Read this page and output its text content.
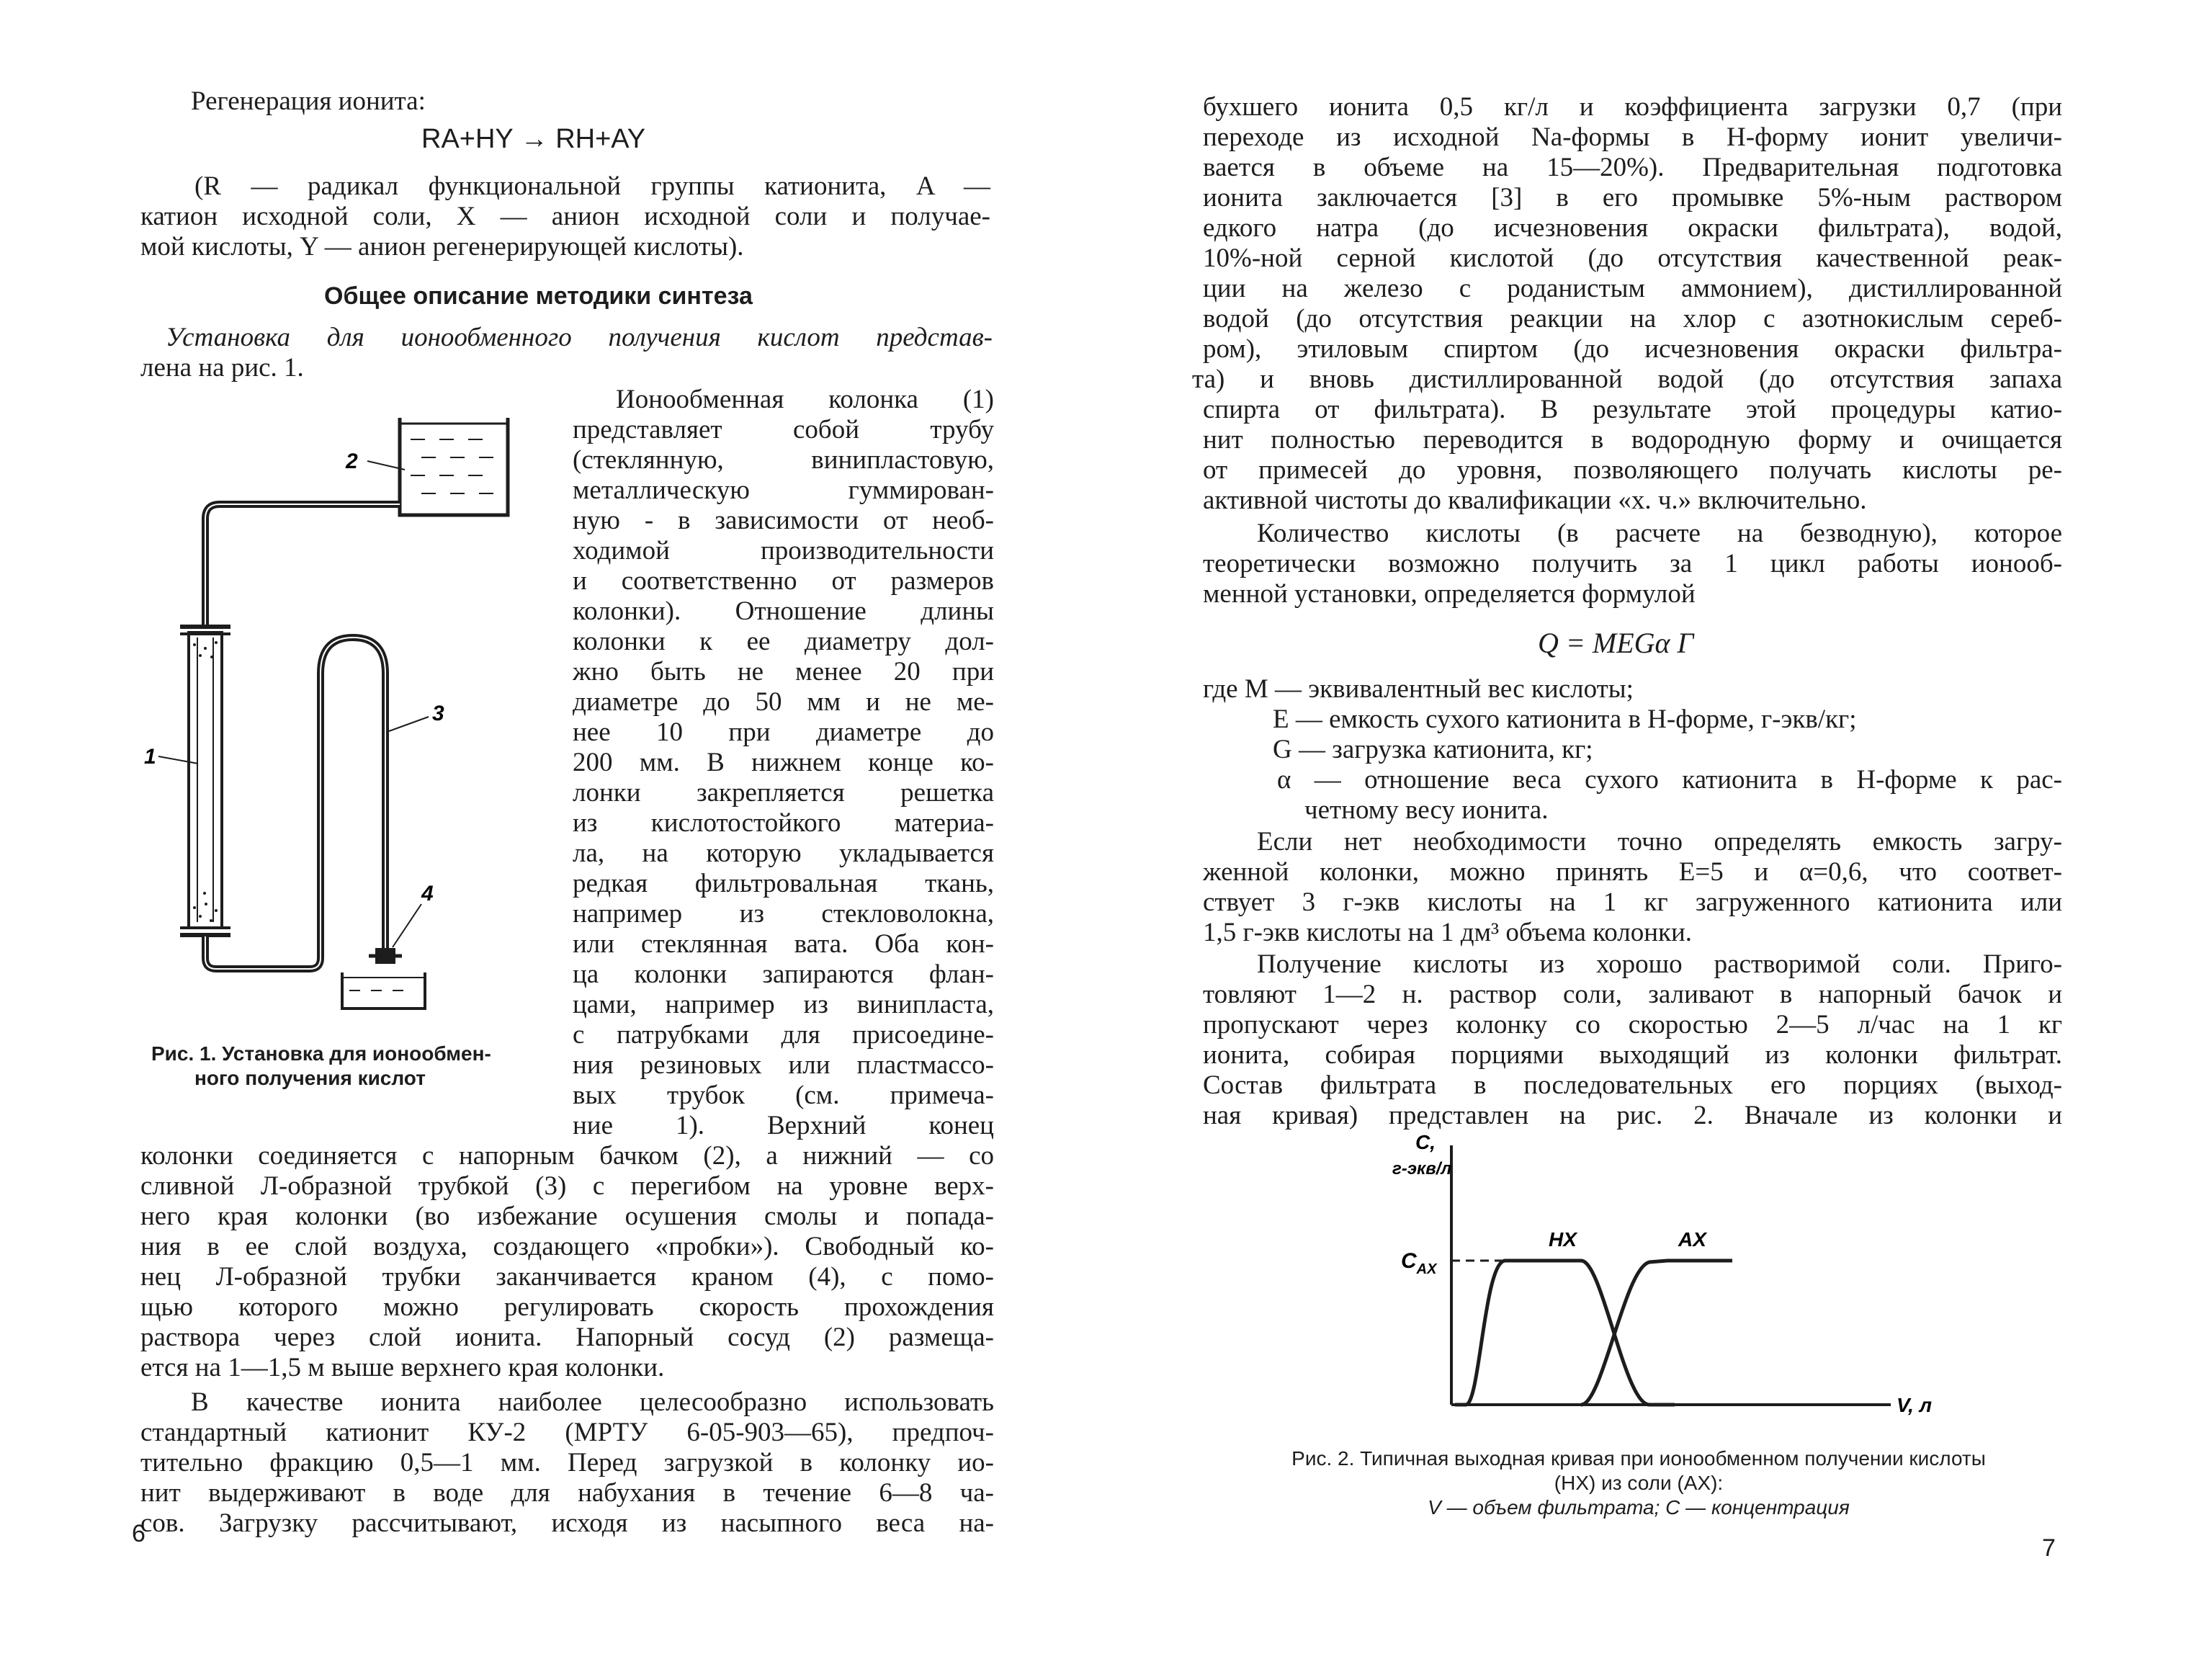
Регенерация ионита:
RA+HY → RH+AY
(R — радикал функциональной группы катионита, A —
катион исходной соли, X — анион исходной соли и получае-
мой кислоты, Y — анион регенерирующей кислоты).
Общее описание методики синтеза
Установка для ионообменного получения кислот представ-
лена на рис. 1.
Ионообменная колонка (1)
представляет собой трубу
(стеклянную, винипластовую,
металлическую гуммирован-
ную - в зависимости от необ-
ходимой производительности
и соответственно от размеров
колонки). Отношение длины
колонки к ее диаметру дол-
жно быть не менее 20 при
диаметре до 50 мм и не ме-
нее 10 при диаметре до
200 мм. В нижнем конце ко-
лонки закрепляется решетка
из кислотостойкого материа-
ла, на которую укладывается
редкая фильтровальная ткань,
например из стекловолокна,
или стеклянная вата. Оба кон-
ца колонки запираются флан-
цами, например из винипласта,
с патрубками для присоедине-
ния резиновых или пластмассо-
вых трубок (см. примеча-
ние 1). Верхний конец
колонки соединяется с напорным бачком (2), а нижний — со
сливной Л-образной трубкой (3) с перегибом на уровне верх-
него края колонки (во избежание осушения смолы и попада-
ния в ее слой воздуха, создающего «пробки»). Свободный ко-
нец Л-образной трубки заканчивается краном (4), с помо-
щью которого можно регулировать скорость прохождения
раствора через слой ионита. Напорный сосуд (2) размеща-
ется на 1—1,5 м выше верхнего края колонки.
В качестве ионита наиболее целесообразно использовать
стандартный катионит КУ-2 (МРТУ 6-05-903—65), предпоч-
тительно фракцию 0,5—1 мм. Перед загрузкой в колонку ио-
нит выдерживают в воде для набухания в течение 6—8 ча-
сов. Загрузку рассчитывают, исходя из насыпного веса на-
2
3
1
4
Рис. 1. Установка для ионообмен-
ного получения кислот
6
бухшего ионита 0,5 кг/л и коэффициента загрузки 0,7 (при
переходе из исходной Na-формы в H-форму ионит увеличи-
вается в объеме на 15—20%). Предварительная подготовка
ионита заключается [3] в его промывке 5%-ным раствором
едкого натра (до исчезновения окраски фильтрата), водой,
10%-ной серной кислотой (до отсутствия качественной реак-
ции на железо с роданистым аммонием), дистиллированной
водой (до отсутствия реакции на хлор с азотнокислым сереб-
ром), этиловым спиртом (до исчезновения окраски фильтра-
та) и вновь дистиллированной водой (до отсутствия запаха
спирта от фильтрата). В результате этой процедуры катио-
нит полностью переводится в водородную форму и очищается
от примесей до уровня, позволяющего получать кислоты ре-
активной чистоты до квалификации «х. ч.» включительно.
Количество кислоты (в расчете на безводную), которое
теоретически возможно получить за 1 цикл работы ионооб-
менной установки, определяется формулой
Q = MEGα Г
где M — эквивалентный вес кислоты;
E — емкость сухого катионита в H-форме, г-экв/кг;
G — загрузка катионита, кг;
α — отношение веса сухого катионита в H-форме к рас-
четному весу ионита.
Если нет необходимости точно определять емкость загру-
женной колонки, можно принять E=5 и α=0,6, что соответ-
ствует 3 г-экв кислоты на 1 кг загруженного катионита или
1,5 г-экв кислоты на 1 дм³ объема колонки.
Получение кислоты из хорошо растворимой соли. Приго-
товляют 1—2 н. раствор соли, заливают в напорный бачок и
пропускают через колонку со скоростью 2—5 л/час на 1 кг
ионита, собирая порциями выходящий из колонки фильтрат.
Состав фильтрата в последовательных его порциях (выход-
ная кривая) представлен на рис. 2. Вначале из колонки и
C,
г-экв/л
$C_{AX}$
HX	AX
V, л
Рис. 2. Типичная выходная кривая при ионообменном получении кислоты
(HX) из соли (AX):
V — объем фильтрата; C — концентрация
7
